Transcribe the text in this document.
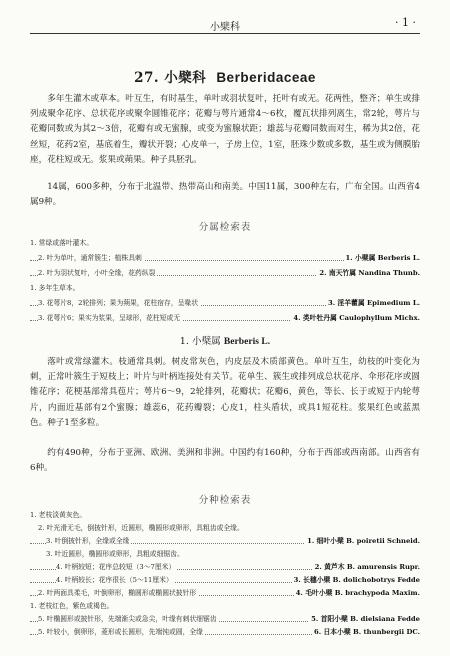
小檗科	· 1 ·
27. 小檗科 Berberidaceae
多年生灌木或草本。叶互生，有时基生，单叶或羽状复叶，托叶有或无。花两性，整齐；单生或排列成聚伞花序、总状花序或聚伞圆锥花序；花瓣与萼片通常4～6枚，覆瓦状排列离生，常2轮，萼片与花瓣同数或为其2～3倍，花瓣有或无蜜腺，或变为蜜腺状距；雄蕊与花瓣同数而对生，稀为其2倍，花丝短，花药2室，基底着生，瓣状开裂；心皮单一，子房上位，1室，胚珠少数或多数，基生或为侧膜胎座，花柱短或无。浆果或蒴果。种子具胚乳。
14属，600多种，分布于北温带、热带高山和南美。中国11属，300种左右，广布全国。山西省4属9种。
分属检索表
1. 常绿或落叶灌木。
2. 叶为单叶，通常簇生；植株具刺	1. 小檗属 Berberis L.
2. 叶为羽状复叶，小叶全缘，花药纵裂	2. 南天竹属 Nandina Thunb.
1. 多年生草本。
3. 花萼片8，2轮排列；果为蒴果，花柱宿存，呈喙状	3. 淫羊藿属 Epimedium L.
3. 花萼片6；果实为浆果，呈球形，花柱短或无	4. 类叶牡丹属 Caulophyllum Michx.
1. 小檗属 Berberis L.
落叶或常绿灌木。枝通常具刺。树皮常灰色，内皮层及木质部黄色。单叶互生，幼枝的叶变化为刺，正常叶簇生于短枝上；叶片与叶柄连接处有关节。花单生、簇生或排列成总状花序、伞形花序或圆锥花序；花梗基部常具苞片；萼片6～9，2轮排列，花瓣状；花瓣6，黄色，等长、长于或短于内轮萼片，内面近基部有2个蜜腺；雄蕊6，花药瓣裂；心皮1，柱头盾状，或具1短花柱。浆果红色或蓝黑色。种子1至多粒。
约有490种，分布于亚洲、欧洲、美洲和非洲。中国约有160种，分布于西部或西南部。山西省有6种。
分种检索表
1. 老枝淡黄灰色。
2. 叶光滑无毛，倒披针形，近圆形，椭圆形或卵形，具粗齿或全缘。
3. 叶倒披针形，全缘或全缘	1. 细叶小檗 B. poiretii Schneid.
3. 叶近圆形，椭圆形或卵形，具粗或细锯齿。
4. 叶柄较短；花序总较短（3～7厘米）	2. 黄芦木 B. amurensis Rupr.
4. 叶柄较长；花序很长（5～11厘米）	3. 长穗小檗 B. dolichobotrys Fedde
2. 叶两面具柔毛，叶倒卵形，椭圆形或椭圆状披针形	4. 毛叶小檗 B. brachypoda Maxim.
1. 老枝红色，紫色或褐色。
5. 叶椭圆形或披针形，先端渐尖或急尖，叶缘有刺状细锯齿	5. 首阳小檗 B. dielsiana Fedde
5. 叶较小，倒卵形，菱形或长圆形，先端钝或圆，全缘	6. 日本小檗 B. thunbergii DC.
